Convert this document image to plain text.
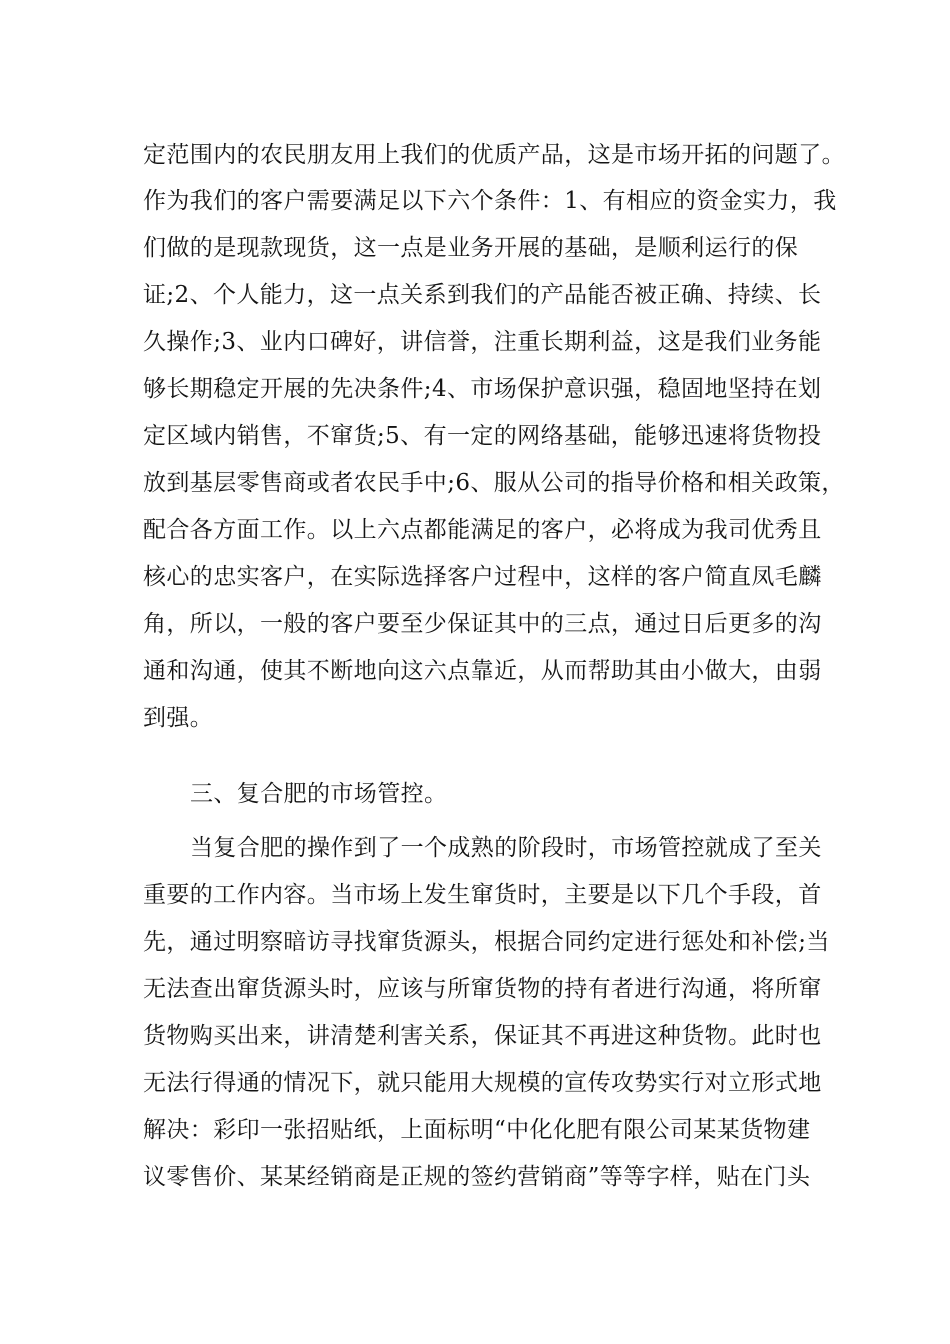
定范围内的农民朋友用上我们的优质产品，这是市场开拓的问题了。
作为我们的客户需要满足以下六个条件：1、有相应的资金实力，我
们做的是现款现货，这一点是业务开展的基础，是顺利运行的保
证;2、个人能力，这一点关系到我们的产品能否被正确、持续、长
久操作;3、业内口碑好，讲信誉，注重长期利益，这是我们业务能
够长期稳定开展的先决条件;4、市场保护意识强，稳固地坚持在划
定区域内销售，不窜货;5、有一定的网络基础，能够迅速将货物投
放到基层零售商或者农民手中;6、服从公司的指导价格和相关政策，
配合各方面工作。以上六点都能满足的客户，必将成为我司优秀且
核心的忠实客户，在实际选择客户过程中，这样的客户简直凤毛麟
角，所以，一般的客户要至少保证其中的三点，通过日后更多的沟
通和沟通，使其不断地向这六点靠近，从而帮助其由小做大，由弱
到强。
三、复合肥的市场管控。
当复合肥的操作到了一个成熟的阶段时，市场管控就成了至关
重要的工作内容。当市场上发生窜货时，主要是以下几个手段，首
先，通过明察暗访寻找窜货源头，根据合同约定进行惩处和补偿;当
无法查出窜货源头时，应该与所窜货物的持有者进行沟通，将所窜
货物购买出来，讲清楚利害关系，保证其不再进这种货物。此时也
无法行得通的情况下，就只能用大规模的宣传攻势实行对立形式地
解决：彩印一张招贴纸，上面标明“中化化肥有限公司某某货物建
议零售价、某某经销商是正规的签约营销商”等等字样，贴在门头
